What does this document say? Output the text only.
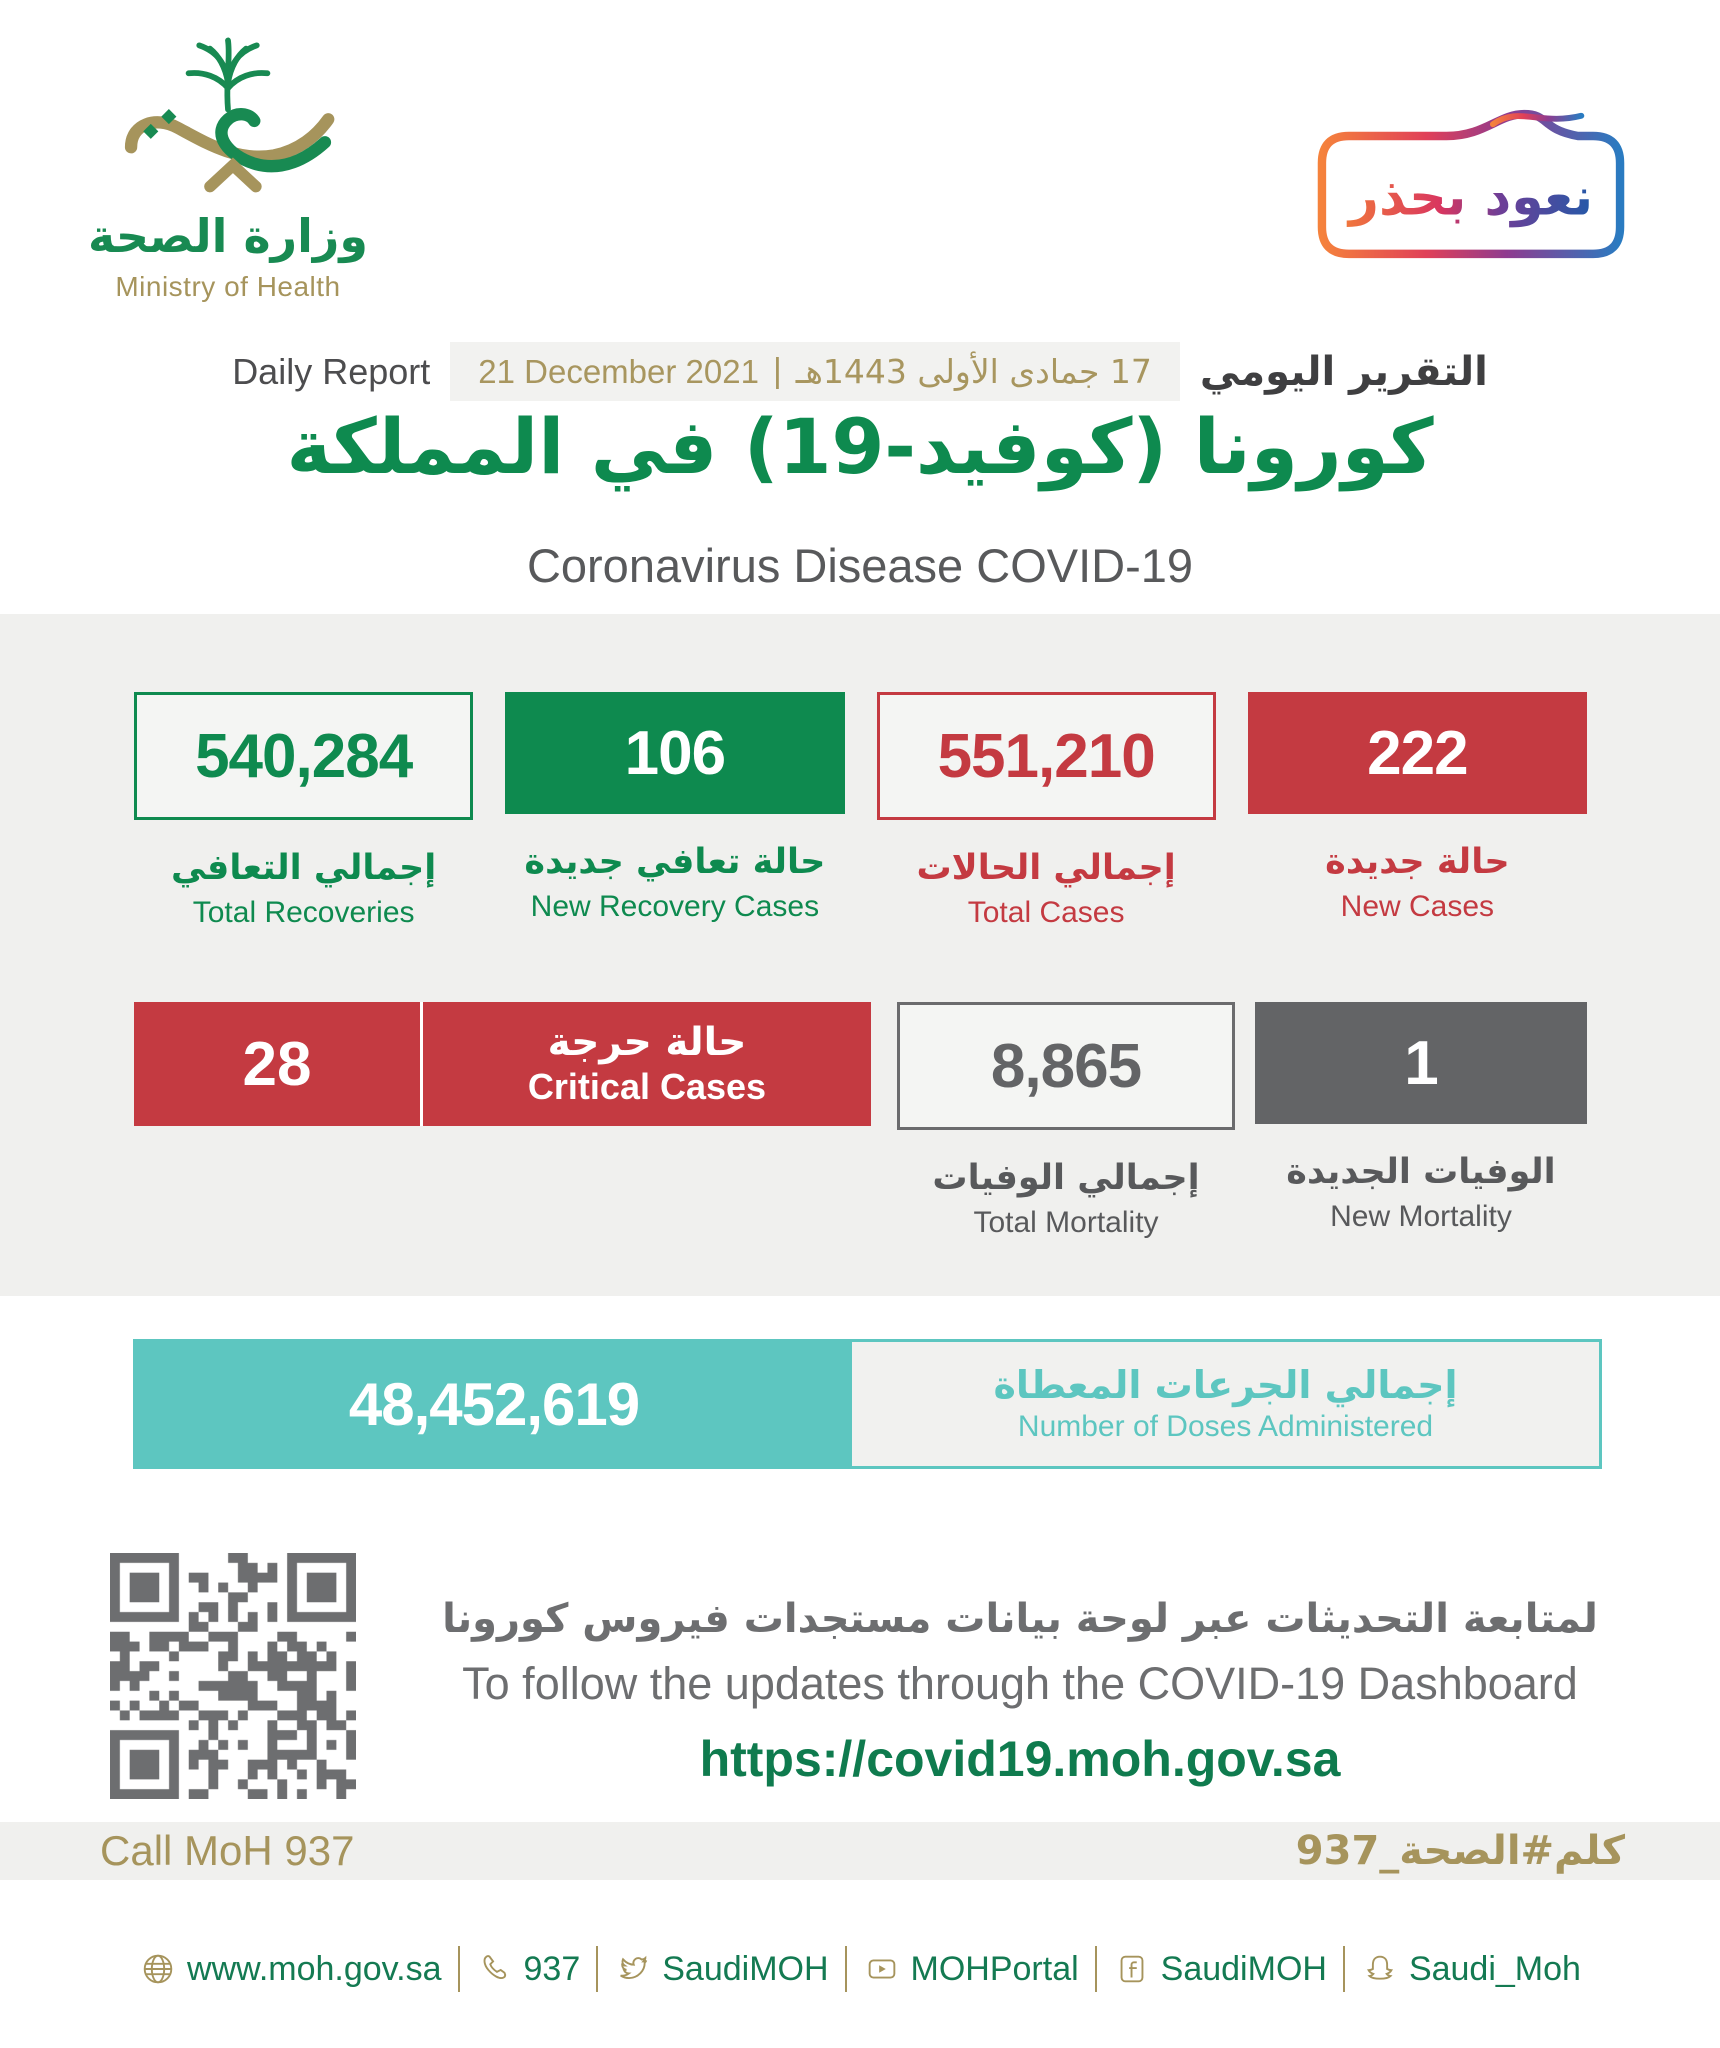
وزارة الصحة
Ministry of Health
نعود بحذر
Daily Report 21 December 2021 | 17 جمادى الأولى 1443هـ التقرير اليومي
كورونا (كوفيد-19) في المملكة
Coronavirus Disease COVID-19
540,284
إجمالي التعافي
Total Recoveries
106
حالة تعافي جديدة
New Recovery Cases
551,210
إجمالي الحالات
Total Cases
222
حالة جديدة
New Cases
28	حالة حرجة
Critical Cases	8,865
إجمالي الوفيات
Total Mortality
1
الوفيات الجديدة
New Mortality
48,452,619	إجمالي الجرعات المعطاة
Number of Doses Administered
لمتابعة التحديثات عبر لوحة بيانات مستجدات فيروس كورونا
To follow the updates through the COVID-19 Dashboard
https://covid19.moh.gov.sa
Call MoH 937	كلم#الصحة_937
www.moh.gov.sa 937 SaudiMOH MOHPortal SaudiMOH Saudi_Moh
